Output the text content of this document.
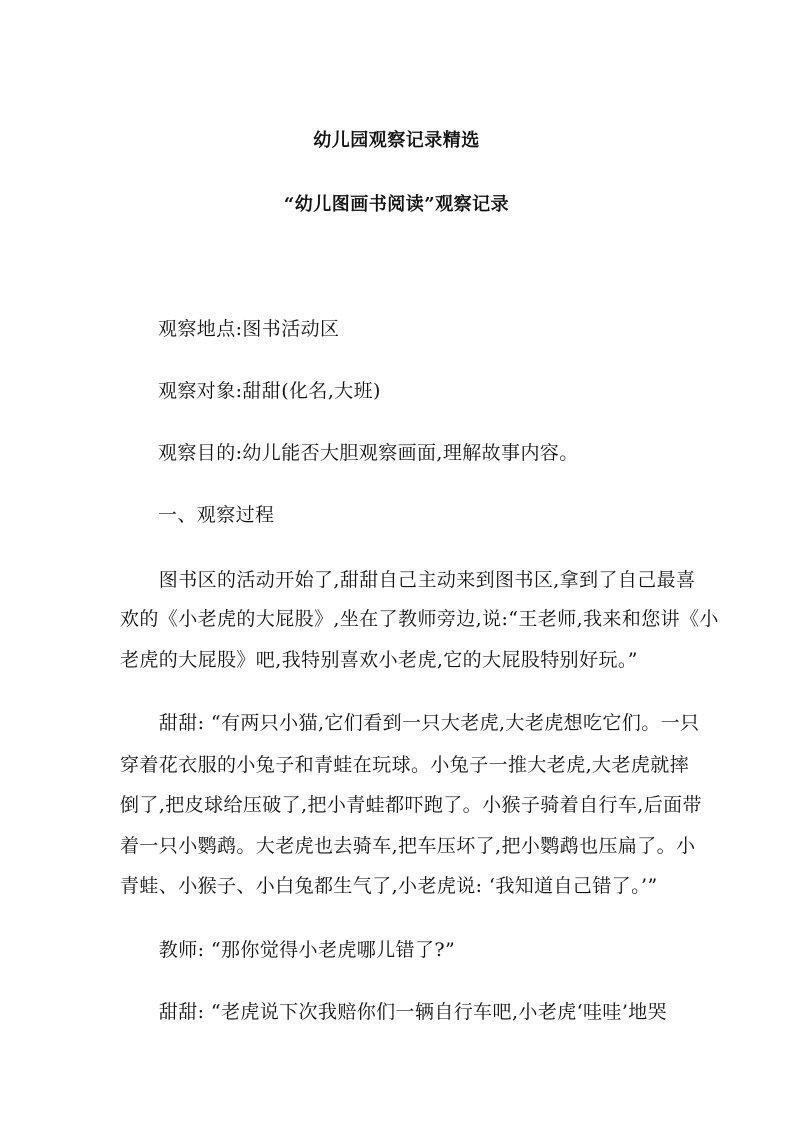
幼儿园观察记录精选
“幼儿图画书阅读”观察记录
观察地点:图书活动区
观察对象:甜甜(化名,大班)
观察目的:幼儿能否大胆观察画面,理解故事内容。
一、观察过程
　　图书区的活动开始了,甜甜自己主动来到图书区,拿到了自己最喜
欢的《小老虎的大屁股》,坐在了教师旁边,说:“王老师,我来和您讲《小
老虎的大屁股》吧,我特别喜欢小老虎,它的大屁股特别好玩。”
　　甜甜: “有两只小猫,它们看到一只大老虎,大老虎想吃它们。一只
穿着花衣服的小兔子和青蛙在玩球。小兔子一推大老虎,大老虎就摔
倒了,把皮球给压破了,把小青蛙都吓跑了。小猴子骑着自行车,后面带
着一只小鹦鹉。大老虎也去骑车,把车压坏了,把小鹦鹉也压扁了。小
青蛙、小猴子、小白兔都生气了,小老虎说: ‘我知道自己错了。’”
　　教师: “那你觉得小老虎哪儿错了?”
　　甜甜: “老虎说下次我赔你们一辆自行车吧,小老虎‘哇哇’地哭
